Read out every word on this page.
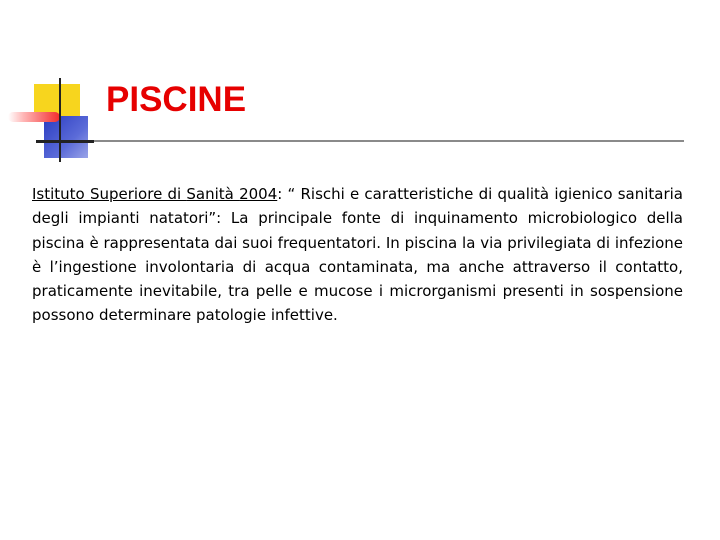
PISCINE

Istituto Superiore di Sanità 2004: “ Rischi e caratteristiche di qualità igienico sanitaria degli impianti natatori”: La principale fonte di inquinamento microbiologico della piscina è rappresentata dai suoi frequentatori. In piscina la via privilegiata di infezione è l’ingestione involontaria di acqua contaminata, ma anche attraverso il contatto, praticamente inevitabile, tra pelle e mucose i microrganismi presenti in sospensione possono determinare patologie infettive.
